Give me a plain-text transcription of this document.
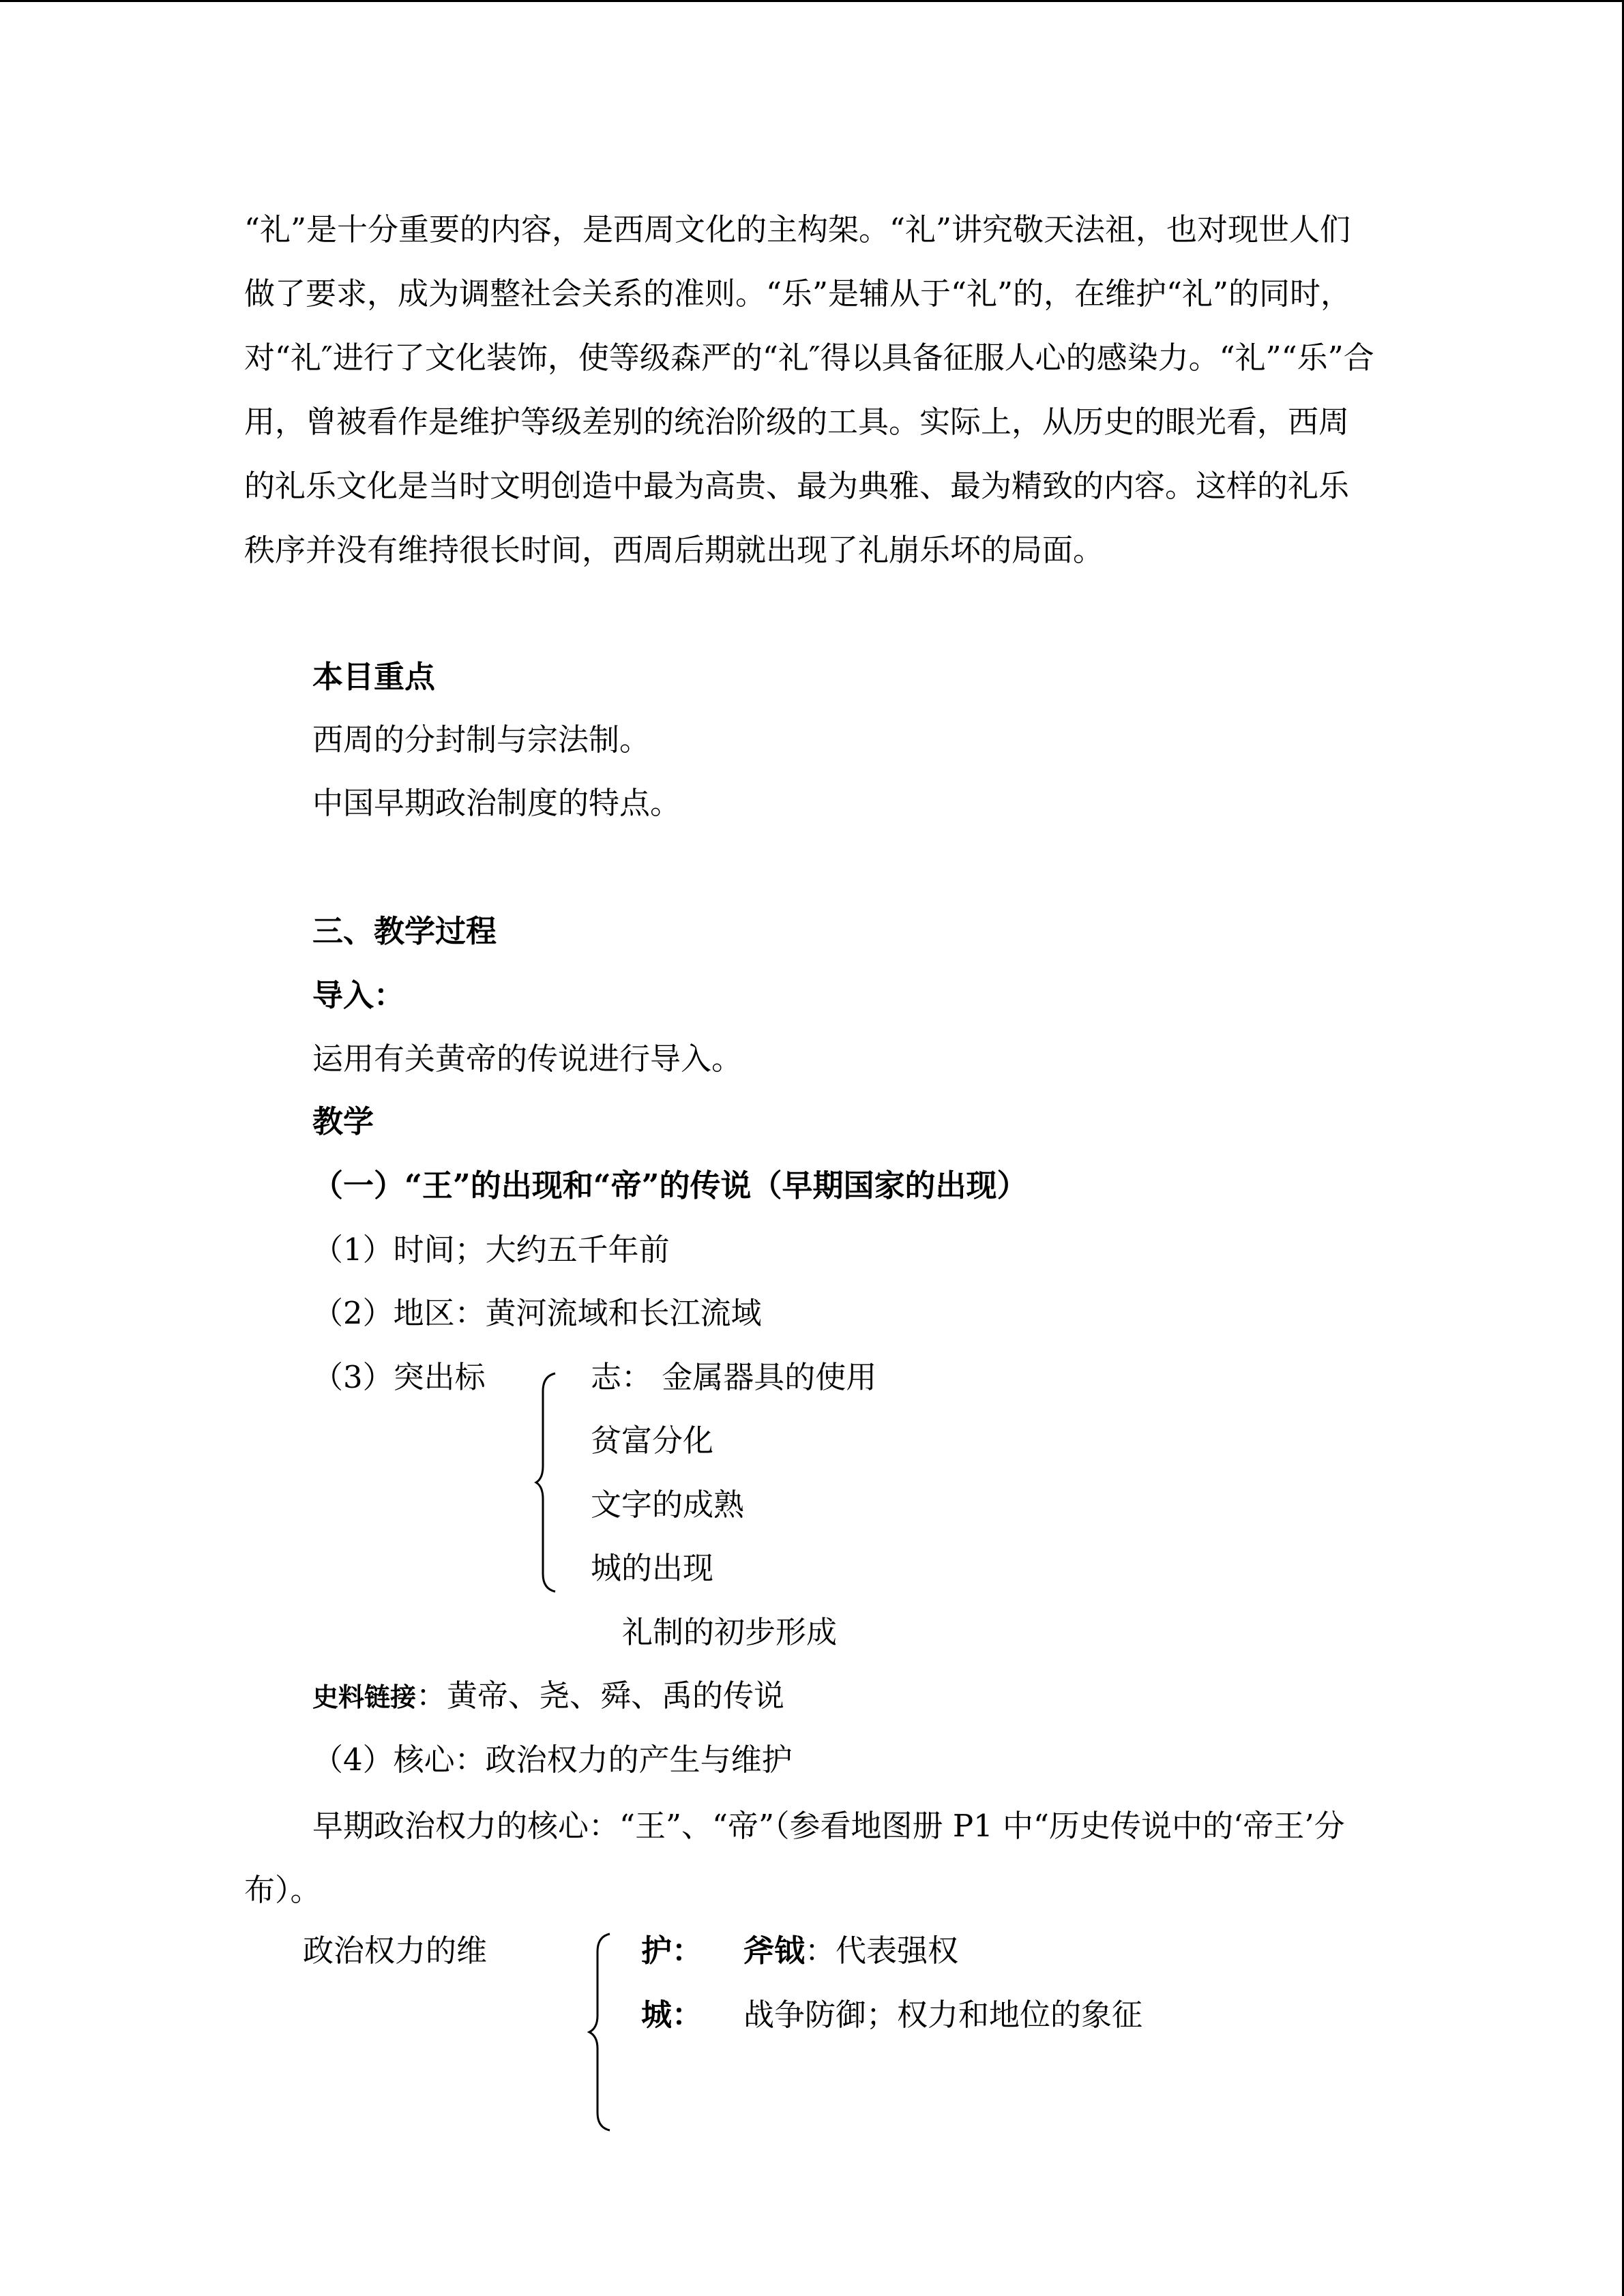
“礼”是十分重要的内容，是西周文化的主构架。“礼”讲究敬天法祖，也对现世人们做了要求，成为调整社会关系的准则。“乐”是辅从于“礼”的，在维护“礼”的同时，对“礼″进行了文化装饰，使等级森严的“礼″得以具备征服人心的感染力。“礼”“乐”合用，曾被看作是维护等级差别的统治阶级的工具。实际上，从历史的眼光看，西周的礼乐文化是当时文明创造中最为高贵、最为典雅、最为精致的内容。这样的礼乐秩序并没有维持很长时间，西周后期就出现了礼崩乐坏的局面。

本目重点
西周的分封制与宗法制。
中国早期政治制度的特点。
三、教学过程
导入：
运用有关黄帝的传说进行导入。
教学
（一）“王”的出现和“帝”的传说（早期国家的出现）
（1）时间；大约五千年前
（2）地区：黄河流域和长江流域
（3）突出标	志： 金属器具的使用
贫富分化
文字的成熟
城的出现
礼制的初步形成
史料链接：黄帝、尧、舜、禹的传说
（4）核心：政治权力的产生与维护

早期政治权力的核心：“王”、“帝”（参看地图册 P1 中“历史传说中的‘帝王’分布）。

政治权力的维	护： 斧钺：代表强权
城： 战争防御；权力和地位的象征
